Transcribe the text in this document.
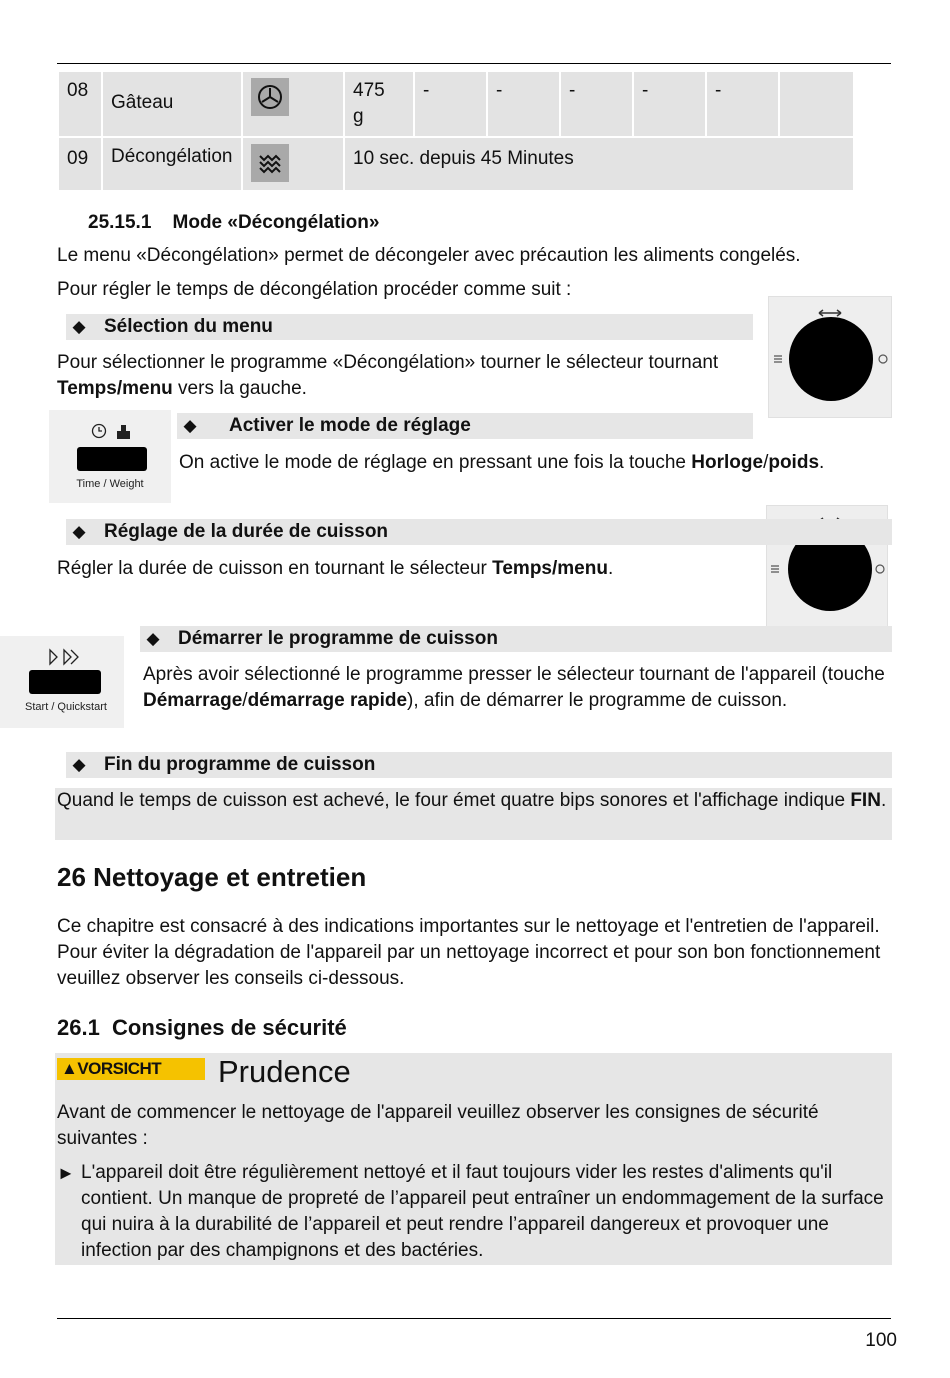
08	Gâteau		475 g	-	-	-	-	-	
09	Décongélation		10 sec. depuis 45 Minutes						
25.15.1    Mode «Décongélation»
Le menu «Décongélation» permet de décongeler avec précaution les aliments congelés.
Pour régler le temps de décongélation procéder comme suit :
◆ Sélection du menu
Pour sélectionner le programme «Décongélation» tourner le sélecteur tournant Temps/menu vers la gauche.
Time / Weight
◆ Activer le mode de réglage
On active le mode de réglage en pressant une fois la touche Horloge/poids.
◆ Réglage de la durée de cuisson
Régler la durée de cuisson en tournant le sélecteur Temps/menu.
Start / Quickstart
◆ Démarrer le programme de cuisson
Après avoir sélectionné le programme presser le sélecteur tournant de l'appareil (touche Démarrage/démarrage rapide), afin de démarrer le programme de cuisson.
◆ Fin du programme de cuisson
Quand le temps de cuisson est achevé, le four émet quatre bips sonores et l'affichage indique FIN.
26 Nettoyage et entretien
Ce chapitre est consacré à des indications importantes sur le nettoyage et l'entretien de l'appareil. Pour éviter la dégradation de l'appareil par un nettoyage incorrect et pour son bon fonctionnement veuillez observer les conseils ci-dessous.
26.1  Consignes de sécurité
▲VORSICHT	Prudence
Avant de commencer le nettoyage de l'appareil veuillez observer les consignes de sécurité suivantes :
► L'appareil doit être régulièrement nettoyé et il faut toujours vider les restes d'aliments qu'il contient. Un manque de propreté de l’appareil peut entraîner un endommagement de la surface qui nuira à la durabilité de l’appareil et peut rendre l’appareil dangereux et provoquer une infection par des champignons et des bactéries.
100
